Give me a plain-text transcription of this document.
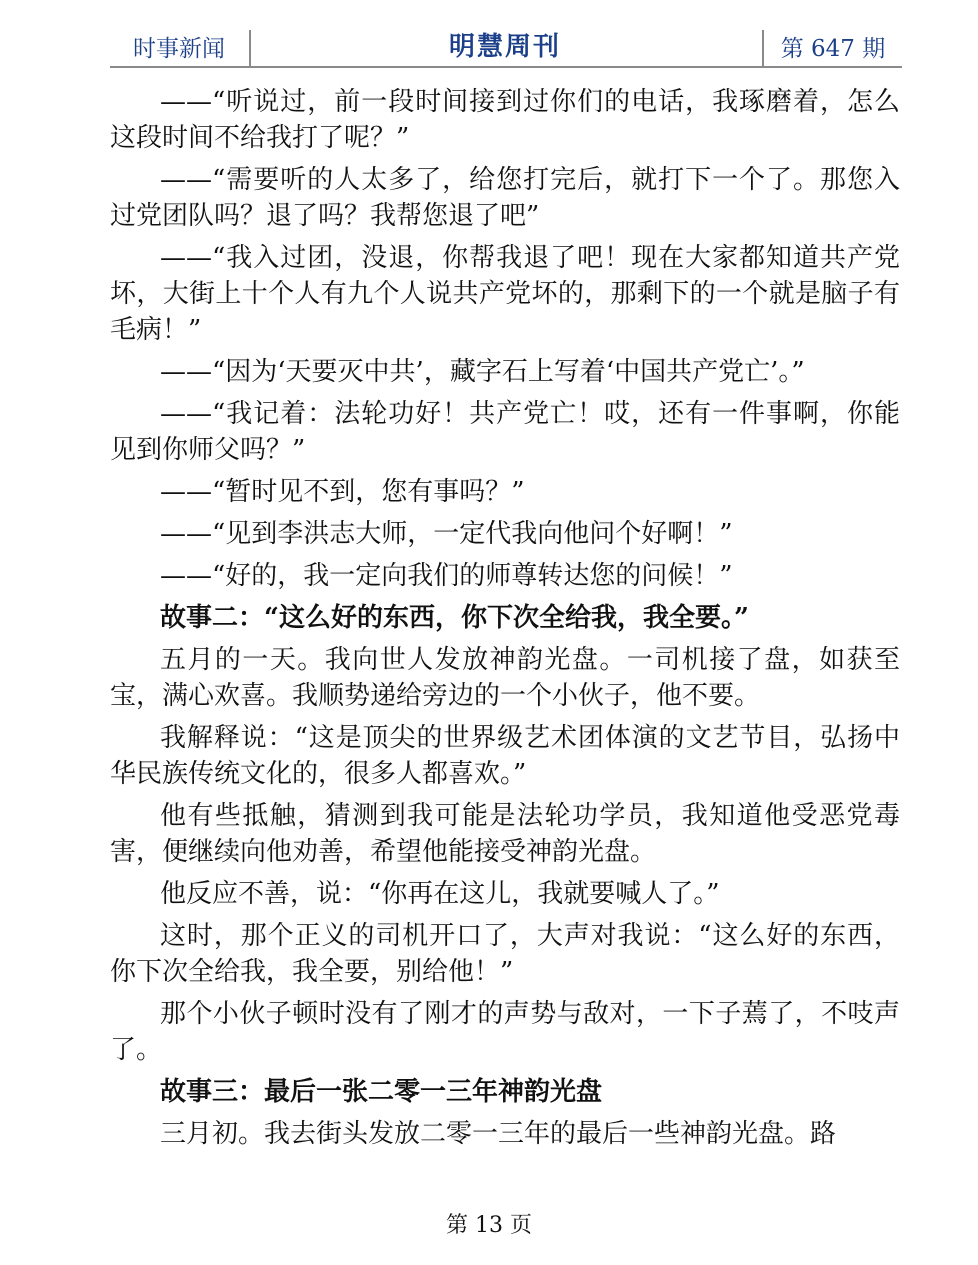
时事新闻	明慧周刊	第 647 期

——“听说过，前一段时间接到过你们的电话，我琢磨着，怎么这段时间不给我打了呢？”

——“需要听的人太多了，给您打完后，就打下一个了。那您入过党团队吗？退了吗？我帮您退了吧”

——“我入过团，没退，你帮我退了吧！现在大家都知道共产党坏，大街上十个人有九个人说共产党坏的，那剩下的一个就是脑子有毛病！”

——“因为‘天要灭中共’，藏字石上写着‘中国共产党亡’。”

——“我记着：法轮功好！共产党亡！哎，还有一件事啊，你能见到你师父吗？”

——“暂时见不到，您有事吗？”

——“见到李洪志大师，一定代我向他问个好啊！”

——“好的，我一定向我们的师尊转达您的问候！”

故事二：“这么好的东西，你下次全给我，我全要。”

五月的一天。我向世人发放神韵光盘。一司机接了盘，如获至宝，满心欢喜。我顺势递给旁边的一个小伙子，他不要。

我解释说：“这是顶尖的世界级艺术团体演的文艺节目，弘扬中华民族传统文化的，很多人都喜欢。”

他有些抵触，猜测到我可能是法轮功学员，我知道他受恶党毒害，便继续向他劝善，希望他能接受神韵光盘。

他反应不善，说：“你再在这儿，我就要喊人了。”

这时，那个正义的司机开口了，大声对我说：“这么好的东西，你下次全给我，我全要，别给他！”

那个小伙子顿时没有了刚才的声势与敌对，一下子蔫了，不吱声了。

故事三：最后一张二零一三年神韵光盘

三月初。我去街头发放二零一三年的最后一些神韵光盘。路

第 13 页
